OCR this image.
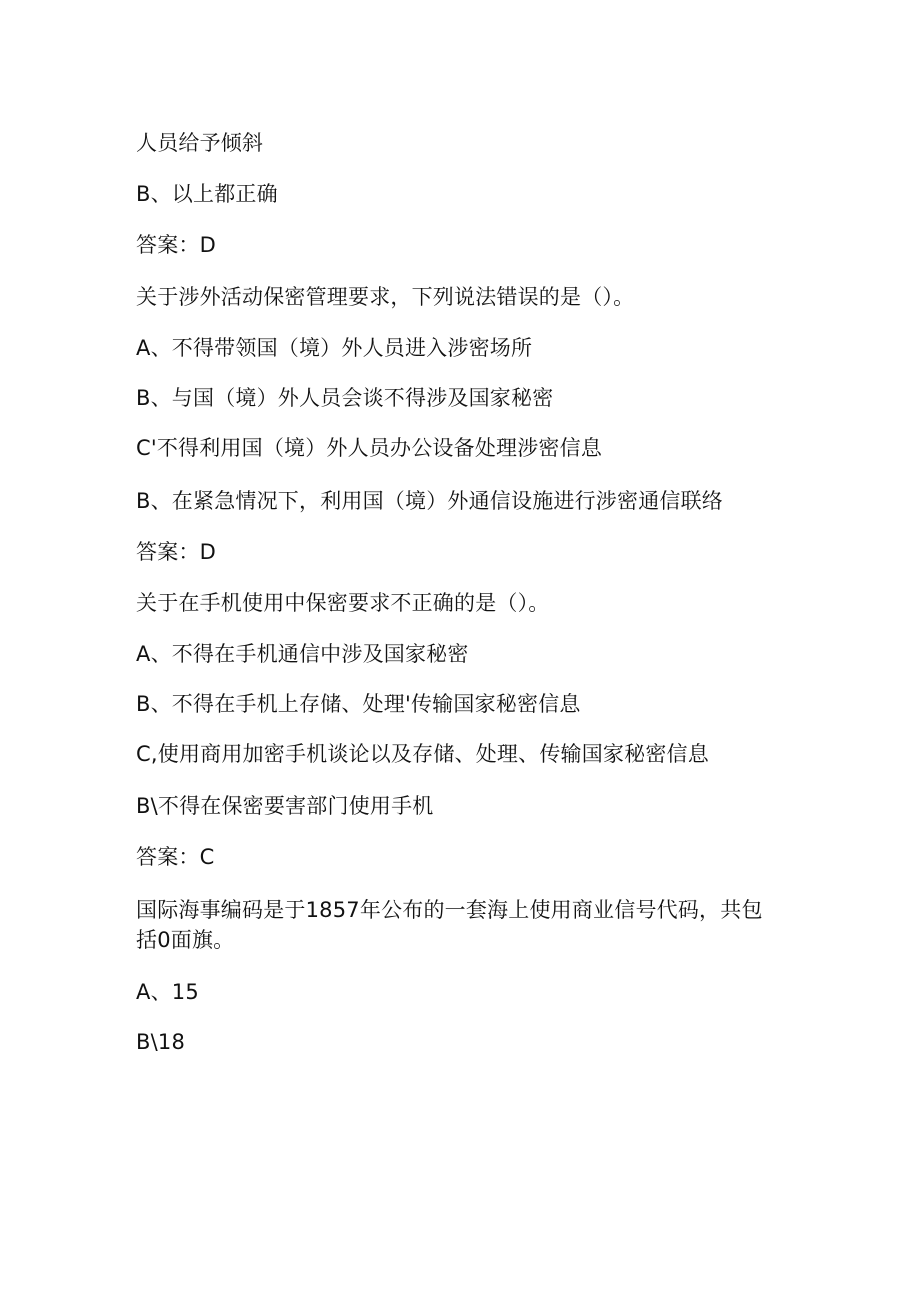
人员给予倾斜
B、以上都正确
答案：D
关于涉外活动保密管理要求，下列说法错误的是（）。
A、不得带领国（境）外人员进入涉密场所
B、与国（境）外人员会谈不得涉及国家秘密
C'不得利用国（境）外人员办公设备处理涉密信息
B、在紧急情况下，利用国（境）外通信设施进行涉密通信联络
答案：D
关于在手机使用中保密要求不正确的是（）。
A、不得在手机通信中涉及国家秘密
B、不得在手机上存储、处理'传输国家秘密信息
C,使用商用加密手机谈论以及存储、处理、传输国家秘密信息
B\不得在保密要害部门使用手机
答案：C
国际海事编码是于1857年公布的一套海上使用商业信号代码，共包括0面旗。
A、15
B\18
